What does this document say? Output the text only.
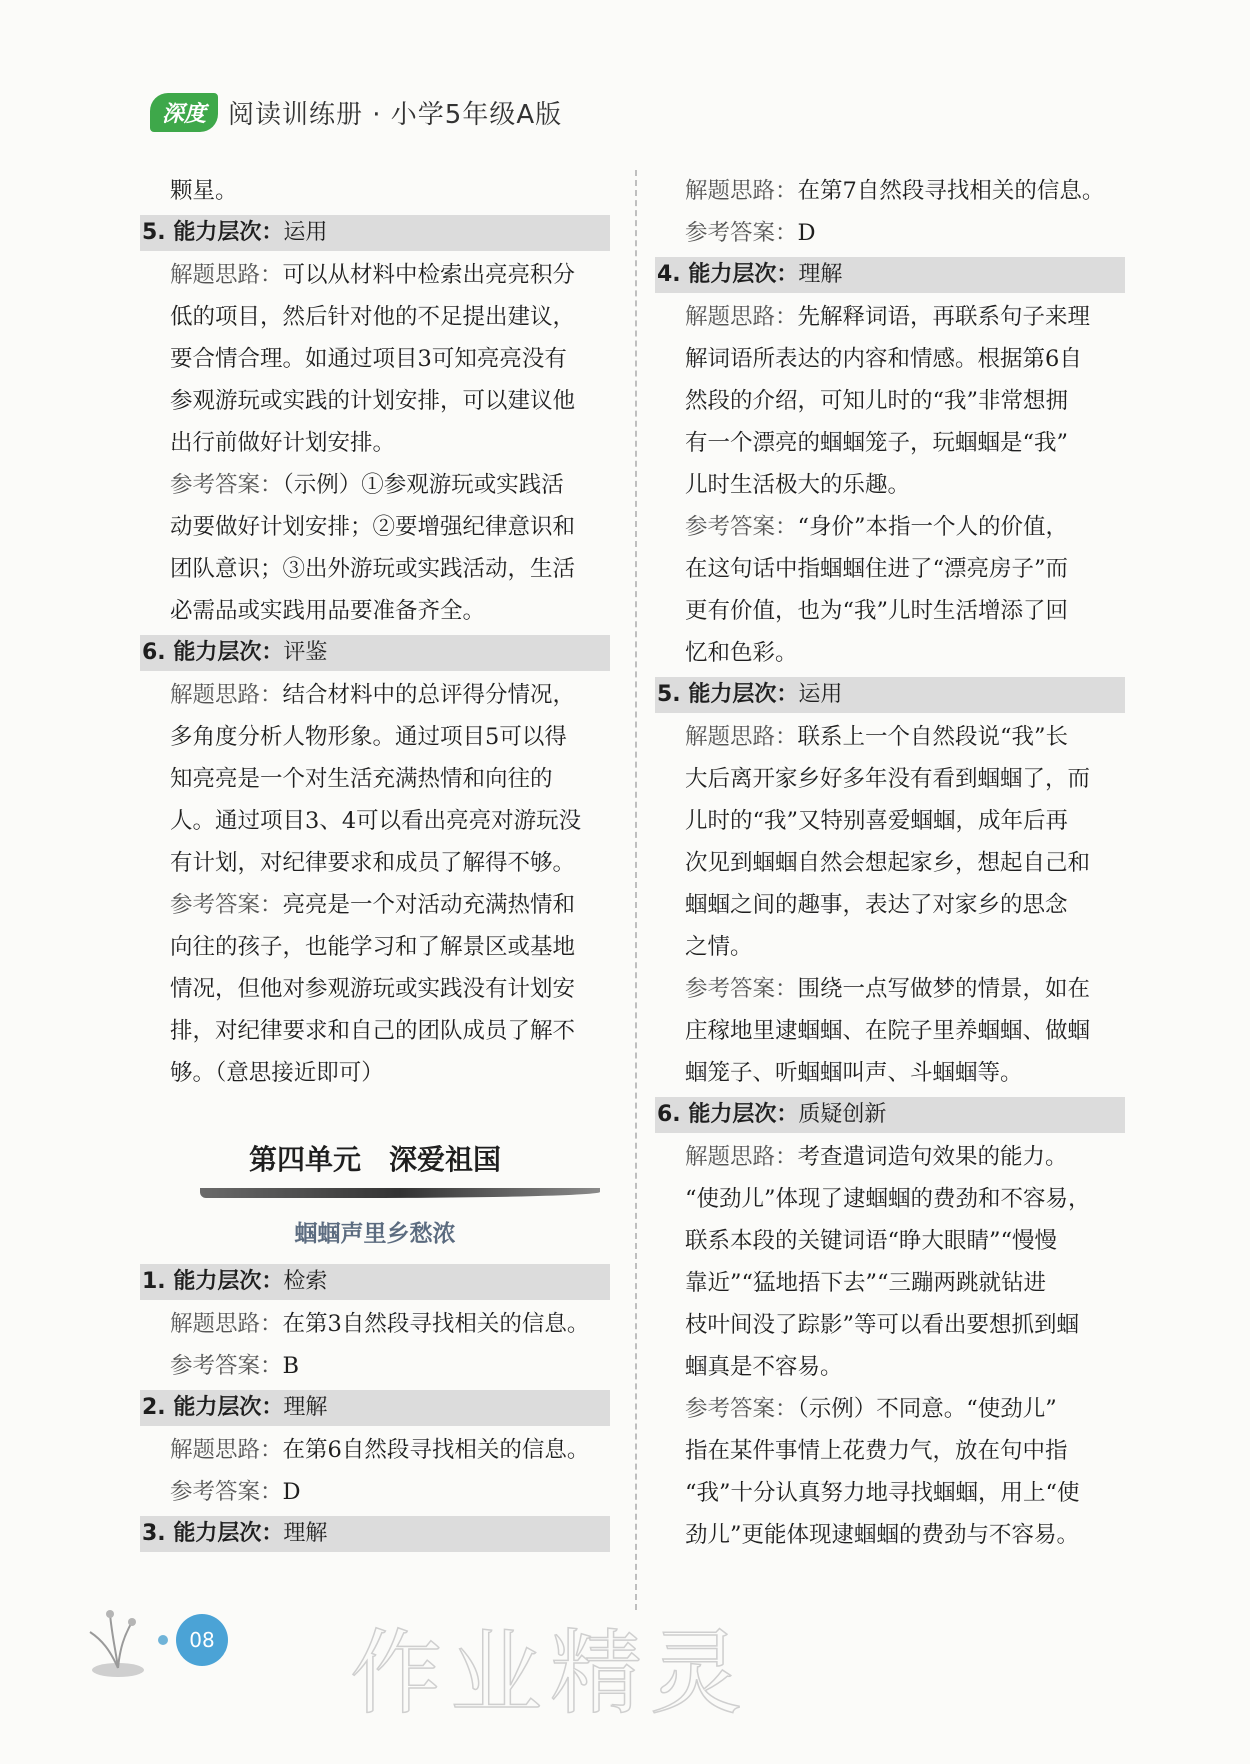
深度 阅读训练册 · 小学5年级A版
颗星。
5. 能力层次：运用
解题思路：可以从材料中检索出亮亮积分
低的项目，然后针对他的不足提出建议，
要合情合理。如通过项目3可知亮亮没有
参观游玩或实践的计划安排，可以建议他
出行前做好计划安排。
参考答案：（示例）①参观游玩或实践活
动要做好计划安排；②要增强纪律意识和
团队意识；③出外游玩或实践活动，生活
必需品或实践用品要准备齐全。
6. 能力层次：评鉴
解题思路：结合材料中的总评得分情况，
多角度分析人物形象。通过项目5可以得
知亮亮是一个对生活充满热情和向往的
人。通过项目3、4可以看出亮亮对游玩没
有计划，对纪律要求和成员了解得不够。
参考答案：亮亮是一个对活动充满热情和
向往的孩子，也能学习和了解景区或基地
情况，但他对参观游玩或实践没有计划安
排，对纪律要求和自己的团队成员了解不
够。（意思接近即可）
第四单元　深爱祖国
蝈蝈声里乡愁浓
1. 能力层次：检索
解题思路：在第3自然段寻找相关的信息。
参考答案：B
2. 能力层次：理解
解题思路：在第6自然段寻找相关的信息。
参考答案：D
3. 能力层次：理解
解题思路：在第7自然段寻找相关的信息。
参考答案：D
4. 能力层次：理解
解题思路：先解释词语，再联系句子来理
解词语所表达的内容和情感。根据第6自
然段的介绍，可知儿时的“我”非常想拥
有一个漂亮的蝈蝈笼子，玩蝈蝈是“我”
儿时生活极大的乐趣。
参考答案：“身价”本指一个人的价值，
在这句话中指蝈蝈住进了“漂亮房子”而
更有价值，也为“我”儿时生活增添了回
忆和色彩。
5. 能力层次：运用
解题思路：联系上一个自然段说“我”长
大后离开家乡好多年没有看到蝈蝈了，而
儿时的“我”又特别喜爱蝈蝈，成年后再
次见到蝈蝈自然会想起家乡，想起自己和
蝈蝈之间的趣事，表达了对家乡的思念
之情。
参考答案：围绕一点写做梦的情景，如在
庄稼地里逮蝈蝈、在院子里养蝈蝈、做蝈
蝈笼子、听蝈蝈叫声、斗蝈蝈等。
6. 能力层次：质疑创新
解题思路：考查遣词造句效果的能力。
“使劲儿”体现了逮蝈蝈的费劲和不容易，
联系本段的关键词语“睁大眼睛”“慢慢
靠近”“猛地捂下去”“三蹦两跳就钻进
枝叶间没了踪影”等可以看出要想抓到蝈
蝈真是不容易。
参考答案：（示例）不同意。“使劲儿”
指在某件事情上花费力气，放在句中指
“我”十分认真努力地寻找蝈蝈，用上“使
劲儿”更能体现逮蝈蝈的费劲与不容易。
08 作业精灵
